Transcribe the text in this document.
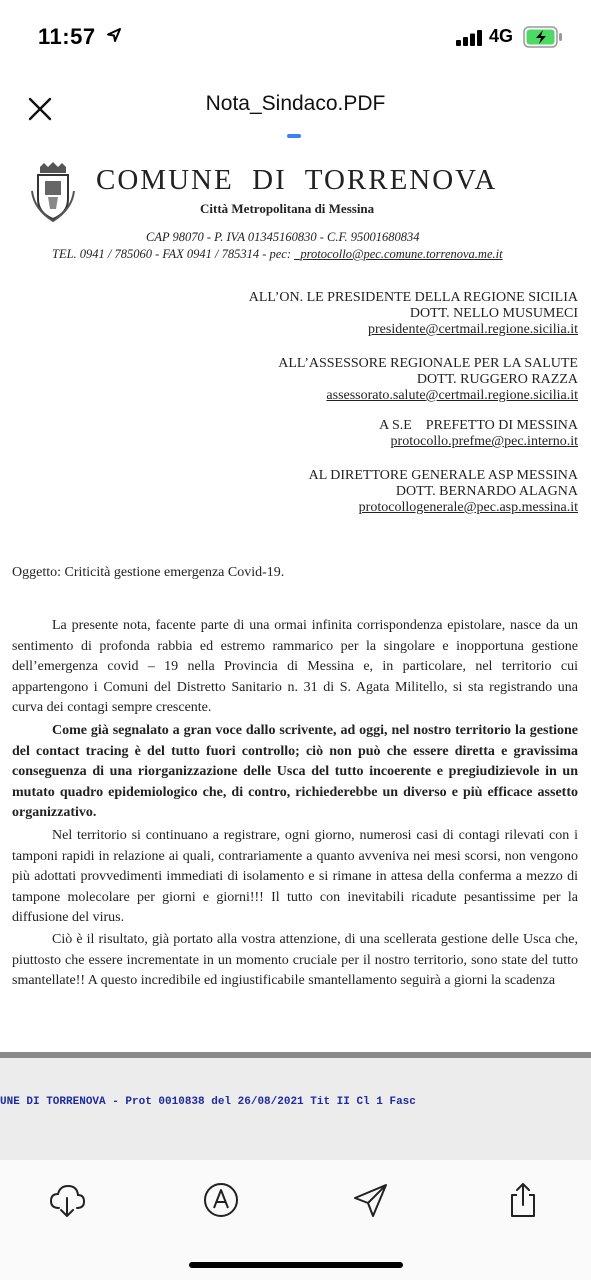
11:57	4G
Nota_Sindaco.PDF
COMUNE  DI  TORRENOVA
Città Metropolitana di Messina
CAP 98070 - P. IVA 01345160830 - C.F. 95001680834
TEL. 0941 / 785060 - FAX 0941 / 785314 - pec: _protocollo@pec.comune.torrenova.me.it
ALL’ON. LE PRESIDENTE DELLA REGIONE SICILIA
DOTT. NELLO MUSUMECI
presidente@certmail.regione.sicilia.it
ALL’ASSESSORE REGIONALE PER LA SALUTE
DOTT. RUGGERO RAZZA
assessorato.salute@certmail.regione.sicilia.it
A S.E    PREFETTO DI MESSINA
protocollo.prefme@pec.interno.it
AL DIRETTORE GENERALE ASP MESSINA
DOTT. BERNARDO ALAGNA
protocollogenerale@pec.asp.messina.it
Oggetto: Criticità gestione emergenza Covid-19.
La presente nota, facente parte di una ormai infinita corrispondenza epistolare, nasce da un sentimento di profonda rabbia ed estremo rammarico per la singolare e inopportuna gestione dell’emergenza covid – 19 nella Provincia di Messina e, in particolare, nel territorio cui appartengono i Comuni del Distretto Sanitario n. 31 di S. Agata Militello, si sta registrando una curva dei contagi sempre crescente.
Come già segnalato a gran voce dallo scrivente, ad oggi, nel nostro territorio la gestione del contact tracing è del tutto fuori controllo; ciò non può che essere diretta e gravissima conseguenza di una riorganizzazione delle Usca del tutto incoerente e pregiudizievole in un mutato quadro epidemiologico che, di contro, richiederebbe un diverso e più efficace assetto organizzativo.
Nel territorio si continuano a registrare, ogni giorno, numerosi casi di contagi rilevati con i tamponi rapidi in relazione ai quali, contrariamente a quanto avveniva nei mesi scorsi, non vengono più adottati provvedimenti immediati di isolamento e si rimane in attesa della conferma a mezzo di tampone molecolare per giorni e giorni!!! Il tutto con inevitabili ricadute pesantissime per la diffusione del virus.
Ciò è il risultato, già portato alla vostra attenzione, di una scellerata gestione delle Usca che, piuttosto che essere incrementate in un momento cruciale per il nostro territorio, sono state del tutto smantellate!! A questo incredibile ed ingiustificabile smantellamento seguirà a giorni la scadenza
UNE DI TORRENOVA - Prot 0010838 del 26/08/2021 Tit II Cl 1 Fasc
